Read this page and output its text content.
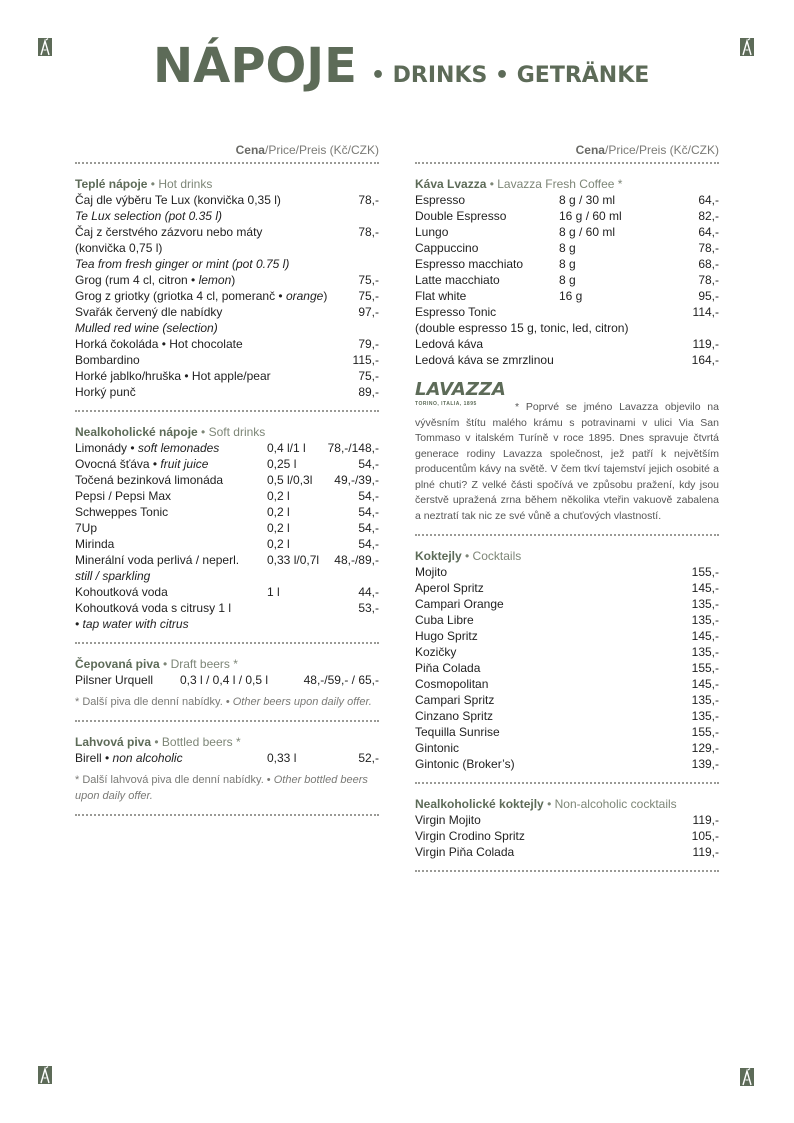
NÁPOJE • DRINKS • GETRÄNKE
Cena/Price/Preis (Kč/CZK)
Teplé nápoje • Hot drinks
Čaj dle výběru Te Lux (konvička 0,35 l)	78,-
Te Lux selection (pot 0.35 l)
Čaj z čerstvého zázvoru nebo máty	78,-
(konvička 0,75 l)
Tea from fresh ginger or mint (pot 0.75 l)
Grog (rum 4 cl, citron • lemon)	75,-
Grog z griotky (griotka 4 cl, pomeranč • orange)	75,-
Svařák červený dle nabídky	97,-
Mulled red wine (selection)
Horká čokoláda • Hot chocolate	79,-
Bombardino	115,-
Horké jablko/hruška • Hot apple/pear	75,-
Horký punč	89,-
Nealkoholické nápoje • Soft drinks
Limonády • soft lemonades	0,4 l/1 l	78,-/148,-
Ovocná šťáva • fruit juice	0,25 l	54,-
Točená bezinková limonáda	0,5 l/0,3l	49,-/39,-
Pepsi / Pepsi Max	0,2 l	54,-
Schweppes Tonic	0,2 l	54,-
7Up	0,2 l	54,-
Mirinda	0,2 l	54,-
Minerální voda perlivá / neperl.	0,33 l/0,7l	48,-/89,-
still / sparkling
Kohoutková voda	1 l	44,-
Kohoutková voda s citrusy 1 l	53,-
• tap water with citrus
Čepovaná piva • Draft beers *
Pilsner Urquell	0,3 l / 0,4 l / 0,5 l	48,-/59,- / 65,-
* Další piva dle denní nabídky. • Other beers upon daily offer.
Lahvová piva • Bottled beers *
Birell • non alcoholic	0,33 l	52,-
* Další lahvová piva dle denní nabídky. • Other bottled beers upon daily offer.
Cena/Price/Preis (Kč/CZK)
Káva Lvazza • Lavazza Fresh Coffee *
Espresso	8 g / 30 ml	64,-
Double Espresso	16 g / 60 ml	82,-
Lungo	8 g / 60 ml	64,-
Cappuccino	8 g	78,-
Espresso macchiato	8 g	68,-
Latte macchiato	8 g	78,-
Flat white	16 g	95,-
Espresso Tonic	114,-
(double espresso 15 g, tonic, led, citron)
Ledová káva	119,-
Ledová káva se zmrzlinou	164,-
LAVAZZA
TORINO, ITALIA, 1895	* Poprvé se jméno Lavazza objevilo na vývěsním štítu malého krámu s potravinami v ulici Via San Tommaso v italském Turíně v roce 1895. Dnes spravuje čtvrtá generace rodiny Lavazza společnost, jež patří k největším producentům kávy na světě. V čem tkví tajemství jejich osobité a plné chuti? Z velké části spočívá ve způsobu pražení, kdy jsou čerstvě upražená zrna během několika vteřin vakuově zabalena a neztratí tak nic ze své vůně a chuťových vlastností.
Koktejly • Cocktails
Mojito	155,-
Aperol Spritz	145,-
Campari Orange	135,-
Cuba Libre	135,-
Hugo Spritz	145,-
Kozičky	135,-
Piňa Colada	155,-
Cosmopolitan	145,-
Campari Spritz	135,-
Cinzano Spritz	135,-
Tequilla Sunrise	155,-
Gintonic	129,-
Gintonic (Broker’s)	139,-
Nealkoholické koktejly • Non-alcoholic cocktails
Virgin Mojito	119,-
Virgin Crodino Spritz	105,-
Virgin Piňa Colada	119,-
